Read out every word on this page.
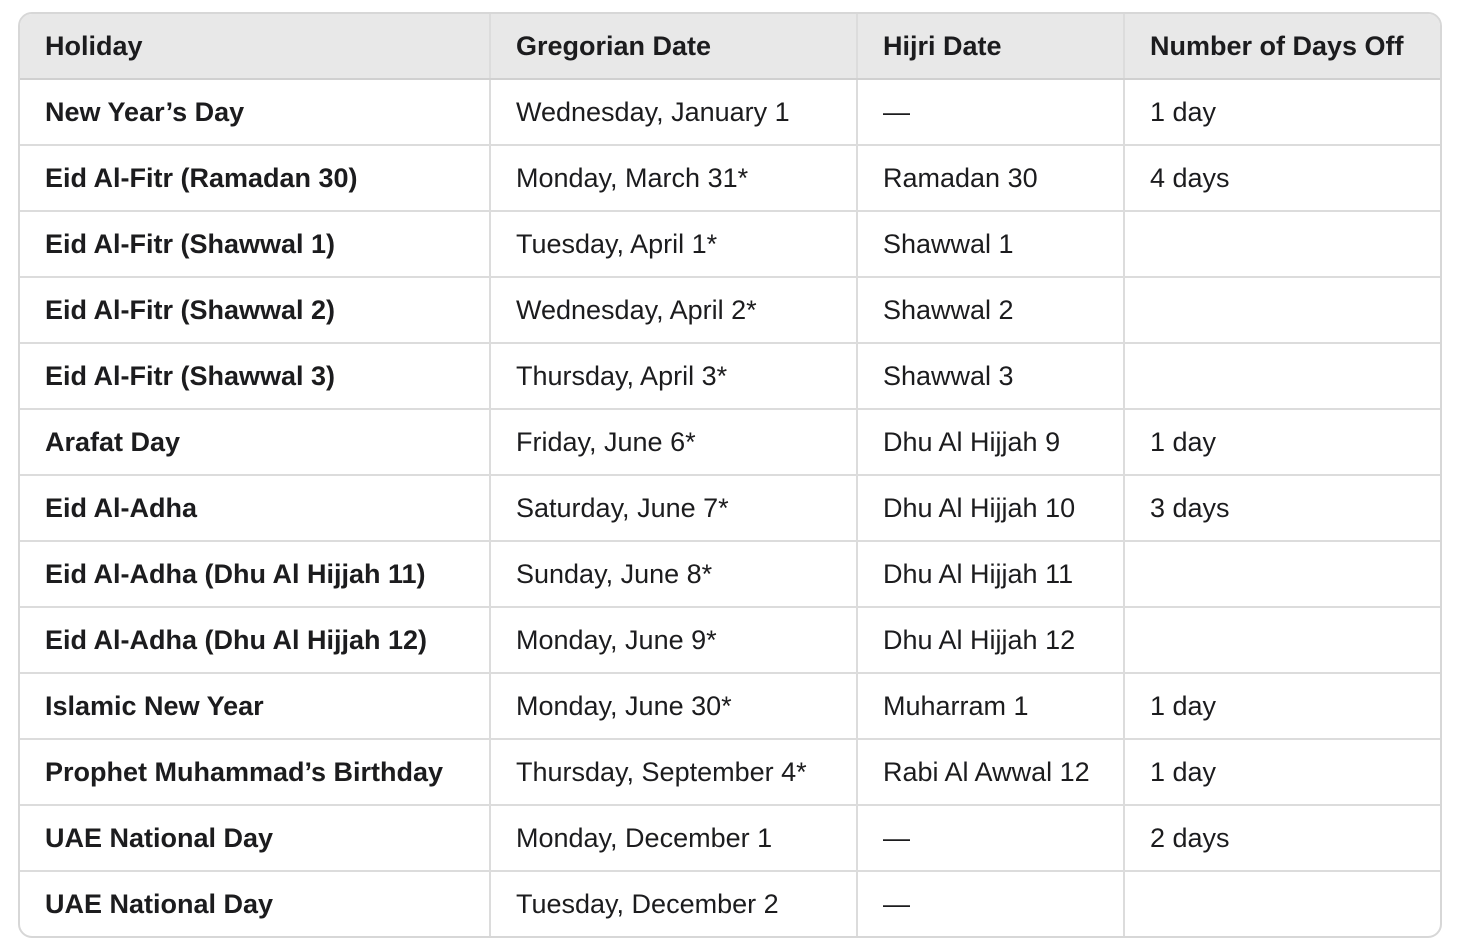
Holiday	Gregorian Date	Hijri Date	Number of Days Off
New Year’s Day	Wednesday, January 1	—	1 day
Eid Al-Fitr (Ramadan 30)	Monday, March 31*	Ramadan 30	4 days
Eid Al-Fitr (Shawwal 1)	Tuesday, April 1*	Shawwal 1	
Eid Al-Fitr (Shawwal 2)	Wednesday, April 2*	Shawwal 2	
Eid Al-Fitr (Shawwal 3)	Thursday, April 3*	Shawwal 3	
Arafat Day	Friday, June 6*	Dhu Al Hijjah 9	1 day
Eid Al-Adha	Saturday, June 7*	Dhu Al Hijjah 10	3 days
Eid Al-Adha (Dhu Al Hijjah 11)	Sunday, June 8*	Dhu Al Hijjah 11	
Eid Al-Adha (Dhu Al Hijjah 12)	Monday, June 9*	Dhu Al Hijjah 12	
Islamic New Year	Monday, June 30*	Muharram 1	1 day
Prophet Muhammad’s Birthday	Thursday, September 4*	Rabi Al Awwal 12	1 day
UAE National Day	Monday, December 1	—	2 days
UAE National Day	Tuesday, December 2	—	
